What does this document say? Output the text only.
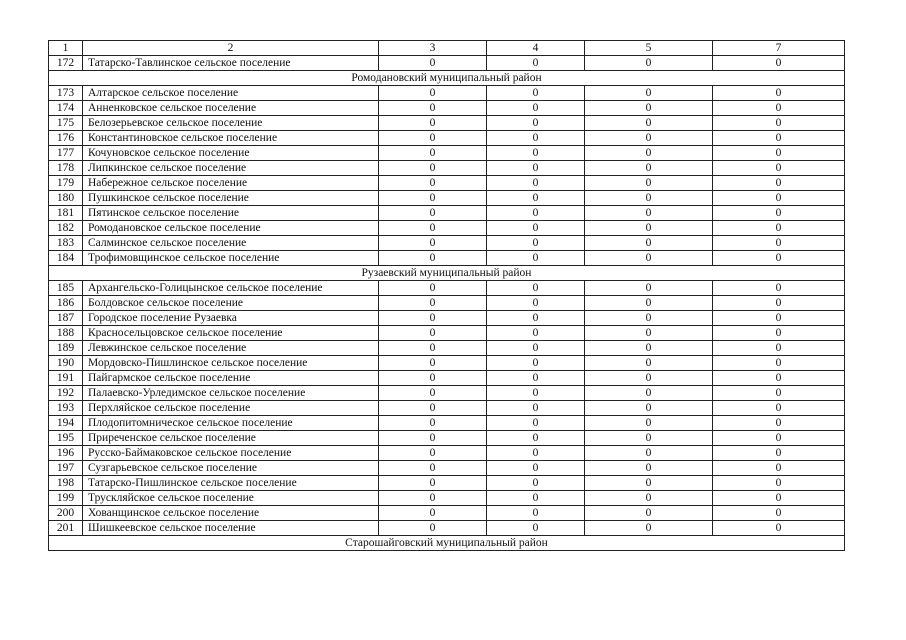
1	2	3	4	5	7
172	Татарско-Тавлинское сельское поселение	0	0	0	0
Ромодановский муниципальный район					
173	Алтарское сельское поселение	0	0	0	0
174	Анненковское сельское поселение	0	0	0	0
175	Белозерьевское сельское поселение	0	0	0	0
176	Константиновское сельское поселение	0	0	0	0
177	Кочуновское сельское поселение	0	0	0	0
178	Липкинское сельское поселение	0	0	0	0
179	Набережное сельское поселение	0	0	0	0
180	Пушкинское сельское поселение	0	0	0	0
181	Пятинское сельское поселение	0	0	0	0
182	Ромодановское сельское поселение	0	0	0	0
183	Салминское сельское поселение	0	0	0	0
184	Трофимовщинское сельское поселение	0	0	0	0
Рузаевский муниципальный район					
185	Архангельско-Голицынское сельское поселение	0	0	0	0
186	Болдовское сельское поселение	0	0	0	0
187	Городское поселение Рузаевка	0	0	0	0
188	Красносельцовское сельское поселение	0	0	0	0
189	Левжинское сельское поселение	0	0	0	0
190	Мордовско-Пишлинское сельское поселение	0	0	0	0
191	Пайгармское сельское поселение	0	0	0	0
192	Палаевско-Урледимское сельское поселение	0	0	0	0
193	Перхляйское сельское поселение	0	0	0	0
194	Плодопитомническое сельское поселение	0	0	0	0
195	Приреченское сельское поселение	0	0	0	0
196	Русско-Баймаковское сельское поселение	0	0	0	0
197	Сузгарьевское сельское поселение	0	0	0	0
198	Татарско-Пишлинское сельское поселение	0	0	0	0
199	Трускляйское сельское поселение	0	0	0	0
200	Хованщинское сельское поселение	0	0	0	0
201	Шишкеевское сельское поселение	0	0	0	0
Старошайговский муниципальный район					
